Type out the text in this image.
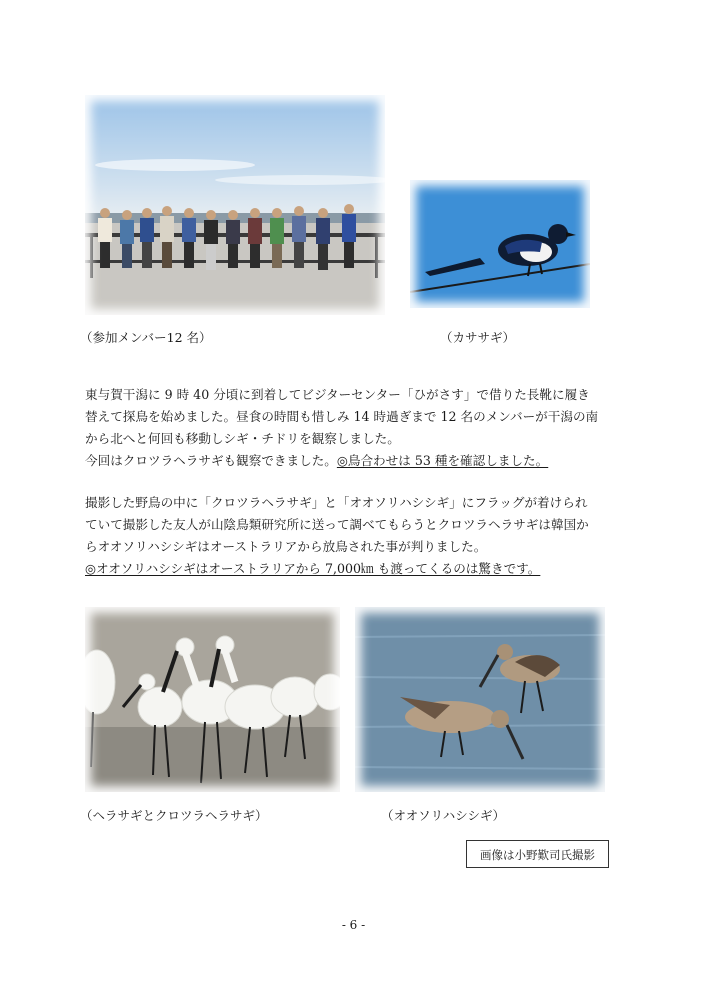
（参加メンバー12 名）	（カササギ）
東与賀干潟に 9 時 40 分頃に到着してビジターセンター「ひがさす」で借りた長靴に履き
替えて探鳥を始めました。昼食の時間も惜しみ 14 時過ぎまで 12 名のメンバーが干潟の南
から北へと何回も移動しシギ・チドリを観察しました。
今回はクロツラヘラサギも観察できました。◎鳥合わせは 53 種を確認しました。
撮影した野鳥の中に「クロツラヘラサギ」と「オオソリハシシギ」にフラッグが着けられ
ていて撮影した友人が山陰鳥類研究所に送って調べてもらうとクロツラヘラサギは韓国か
らオオソリハシシギはオーストラリアから放鳥された事が判りました。
◎オオソリハシシギはオーストラリアから 7,000㎞ も渡ってくるのは驚きです。
（ヘラサギとクロツラヘラサギ）	（オオソリハシシギ）
画像は小野歎司氏撮影
- 6 -
